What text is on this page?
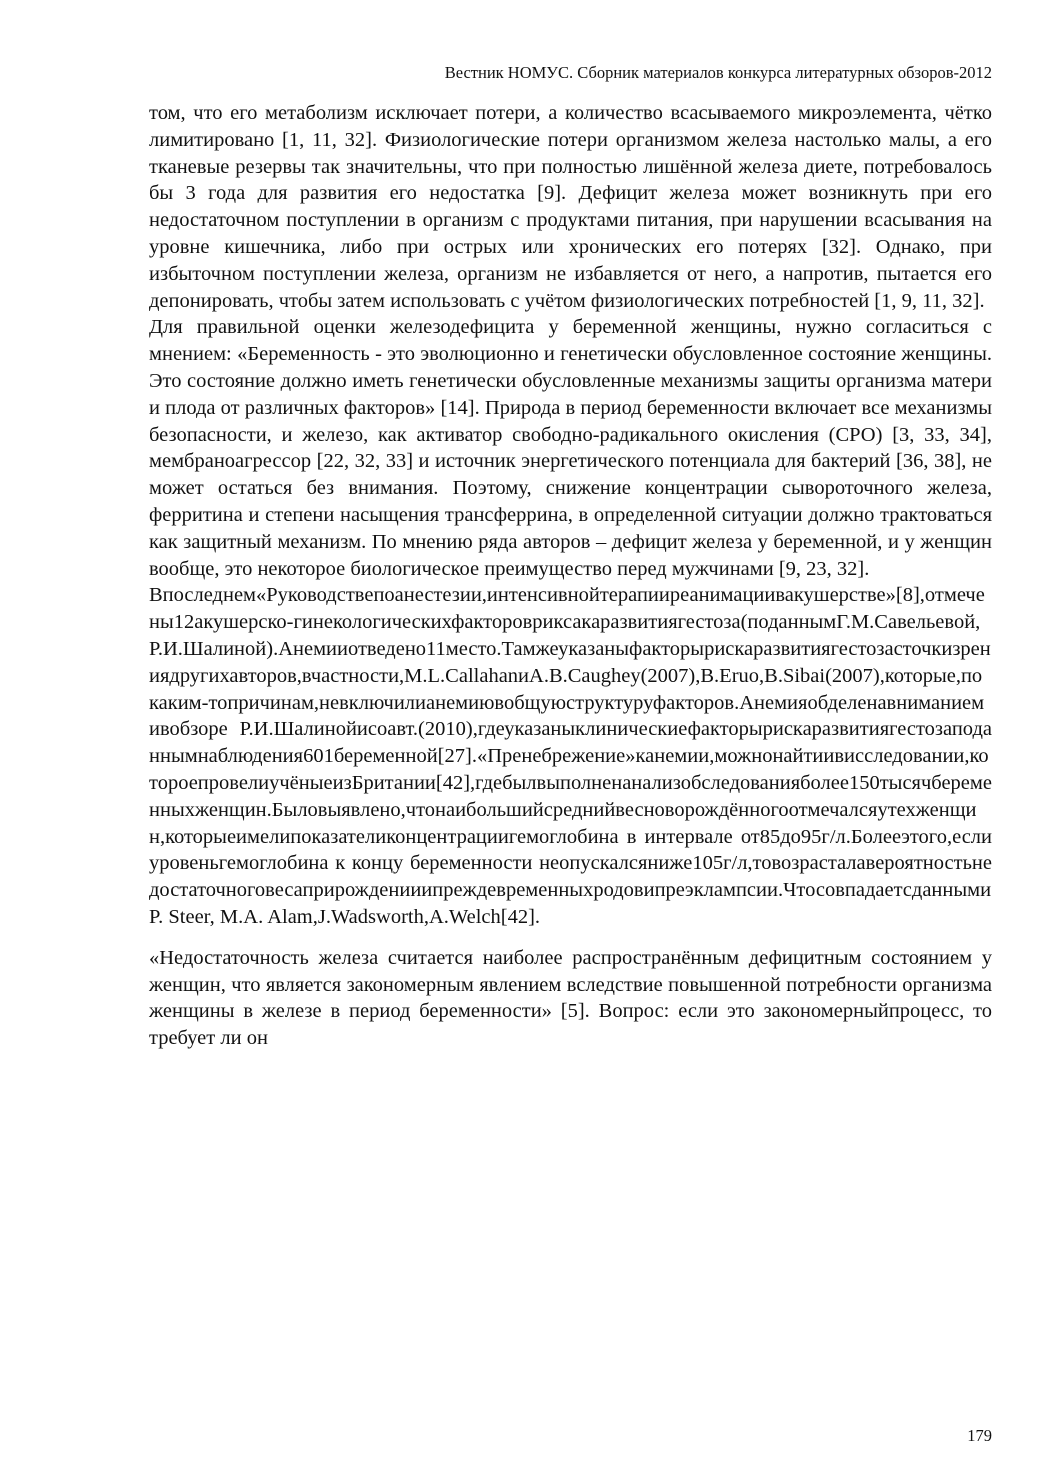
Вестник НОМУС. Сборник материалов конкурса литературных обзоров-2012

том, что его метаболизм исключает потери, а количество всасываемого микроэлемента, чётко лимитировано [1, 11, 32]. Физиологические потери организмом железа настолько малы, а его тканевые резервы так значительны, что при полностью лишённой железа диете, потребовалось бы 3 года для развития его недостатка [9]. Дефицит железа может возникнуть при его недостаточном поступлении в организм с продуктами питания, при нарушении всасывания на уровне кишечника, либо при острых или хронических его потерях [32]. Однако, при избыточном поступлении железа, организм не избавляется от него, а напротив, пытается его депонировать, чтобы затем использовать с учётом физиологических потребностей [1, 9, 11, 32].

Для правильной оценки железодефицита у беременной женщины, нужно согласиться с мнением: «Беременность - это эволюционно и генетически обусловленное состояние женщины. Это состояние должно иметь генетически обусловленные механизмы защиты организма матери и плода от различных факторов» [14]. Природа в период беременности включает все механизмы безопасности, и железо, как активатор свободно-радикального окисления (СРО) [3, 33, 34], мембраноагрессор [22, 32, 33] и источник энергетического потенциала для бактерий [36, 38], не может остаться без внимания. Поэтому, снижение концентрации сывороточного железа, ферритина и степени насыщения трансферрина, в определенной ситуации должно трактоваться как защитный механизм. По мнению ряда авторов – дефицит железа у беременной, и у женщин вообще, это некоторое биологическое преимущество перед мужчинами [9, 23, 32].

Впоследнем«Руководствепоанестезии,интенсивнойтерапииреанимациивакушерстве»[8],отмечены12акушерско-гинекологическихфакторовриксакаразвитиягестоза(поданнымГ.М.Савельевой,Р.И.Шалиной).Анемииотведено11место.Тамжеуказаныфакторырискаразвитиягестозасточкизрениядругихавторов,вчастности,M.L.CallahanиA.B.Caughey(2007),B.Eruo,B.Sibai(2007),которые,покаким-топричинам,невключилианемиювобщуюструктуруфакторов.Анемияобделенавниманиемивобзоре Р.И.Шалинойисоавт.(2010),гдеуказаныклиническиефакторырискаразвитиягестозаподаннымнаблюдения601беременной[27].«Пренебрежение»канемии,можнонайтиивисследовании,котороепровелиучёныеизБритании[42],гдебылвыполненанализобследованияболее150тысячбеременныхженщин.Быловыявлено,чтонаибольшийсреднийвесноворождённогоотмечалсяутехженщин,которыеимелипоказателиконцентрациигемоглобина в интервале от85до95г/л.Болееэтого,еслиуровеньгемоглобина к концу беременности неопускалсяниже105г/л,товозрасталавероятностьнедостаточноговесаприрожденииипреждевременныхродовипреэклампсии.Чтосовпадаетсданными P. Steer, M.A. Alam,J.Wadsworth,A.Welch[42].

«Недостаточность железа считается наиболее распространённым дефицитным состоянием у женщин, что является закономерным явлением вследствие повышенной потребности организма женщины в железе в период беременности» [5]. Вопрос: если это закономерныйпроцесс, то требует ли он

179
